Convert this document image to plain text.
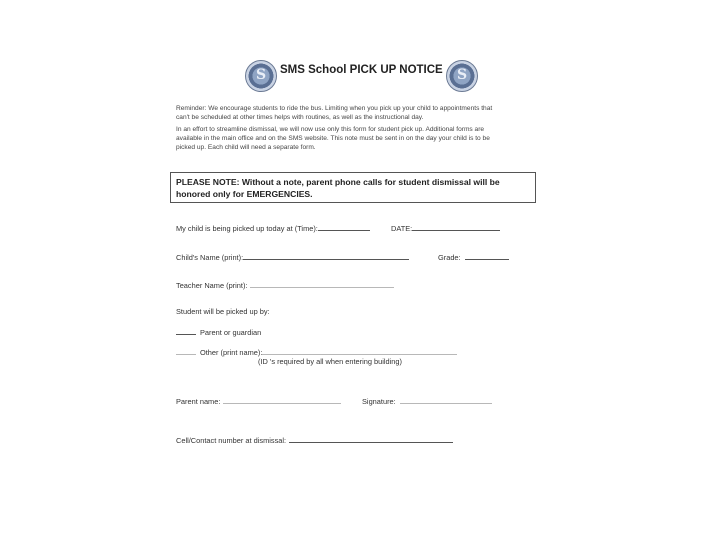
S	SMS School PICK UP NOTICE	S
Reminder: We encourage students to ride the bus. Limiting when you pick up your child to appointments that
can't be scheduled at other times helps with routines, as well as the instructional day.
In an effort to streamline dismissal, we will now use only this form for student pick up. Additional forms are
available in the main office and on the SMS website. This note must be sent in on the day your child is to be
picked up. Each child will need a separate form.
PLEASE NOTE: Without a note, parent phone calls for student dismissal will be
honored only for EMERGENCIES.
My child is being picked up today at (Time):	DATE:
Child's Name (print):	Grade:
Teacher Name (print):
Student will be picked up by:
Parent or guardian
Other (print name):
(ID 's required by all when entering building)
Parent name:	Signature:
Cell/Contact number at dismissal:
